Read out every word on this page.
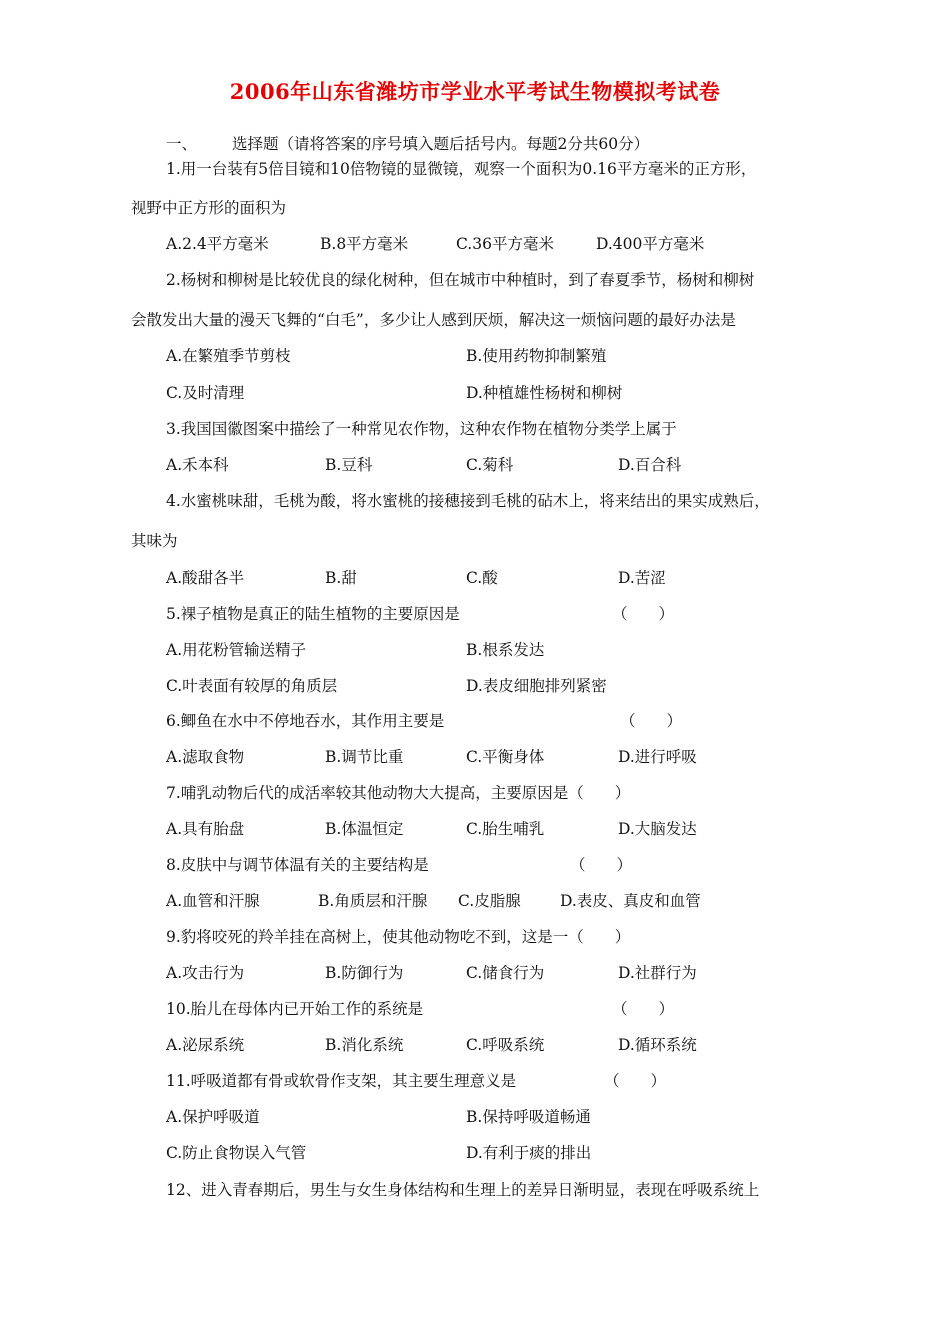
2006年山东省潍坊市学业水平考试生物模拟考试卷
一、 选择题（请将答案的序号填入题后括号内。每题2分共60分）
1.用一台装有5倍目镜和10倍物镜的显微镜，观察一个面积为0.16平方毫米的正方形，
视野中正方形的面积为
A.2.4平方毫米	B.8平方毫米	C.36平方毫米	D.400平方毫米
2.杨树和柳树是比较优良的绿化树种，但在城市中种植时，到了春夏季节，杨树和柳树
会散发出大量的漫天飞舞的“白毛”，多少让人感到厌烦，解决这一烦恼问题的最好办法是
A.在繁殖季节剪枝	B.使用药物抑制繁殖
C.及时清理	D.种植雄性杨树和柳树
3.我国国徽图案中描绘了一种常见农作物，这种农作物在植物分类学上属于
A.禾本科	B.豆科	C.菊科	D.百合科
4.水蜜桃味甜，毛桃为酸，将水蜜桃的接穗接到毛桃的砧木上，将来结出的果实成熟后，
其味为
A.酸甜各半	B.甜	C.酸	D.苦涩
5.裸子植物是真正的陆生植物的主要原因是	（　　）
A.用花粉管输送精子	B.根系发达
C.叶表面有较厚的角质层	D.表皮细胞排列紧密
6.鲫鱼在水中不停地吞水，其作用主要是	（　　）
A.滤取食物	B.调节比重	C.平衡身体	D.进行呼吸
7.哺乳动物后代的成活率较其他动物大大提高，主要原因是（　　）
A.具有胎盘	B.体温恒定	C.胎生哺乳	D.大脑发达
8.皮肤中与调节体温有关的主要结构是	（　　）
A.血管和汗腺	B.角质层和汗腺 C.皮脂腺	D.表皮、真皮和血管
9.豹将咬死的羚羊挂在高树上，使其他动物吃不到，这是一（　　）
A.攻击行为	B.防御行为	C.储食行为	D.社群行为
10.胎儿在母体内已开始工作的系统是	（　　）
A.泌尿系统	B.消化系统	C.呼吸系统	D.循环系统
11.呼吸道都有骨或软骨作支架，其主要生理意义是	（　　）
A.保护呼吸道	B.保持呼吸道畅通
C.防止食物误入气管	D.有利于痰的排出
12、进入青春期后，男生与女生身体结构和生理上的差异日渐明显，表现在呼吸系统上
